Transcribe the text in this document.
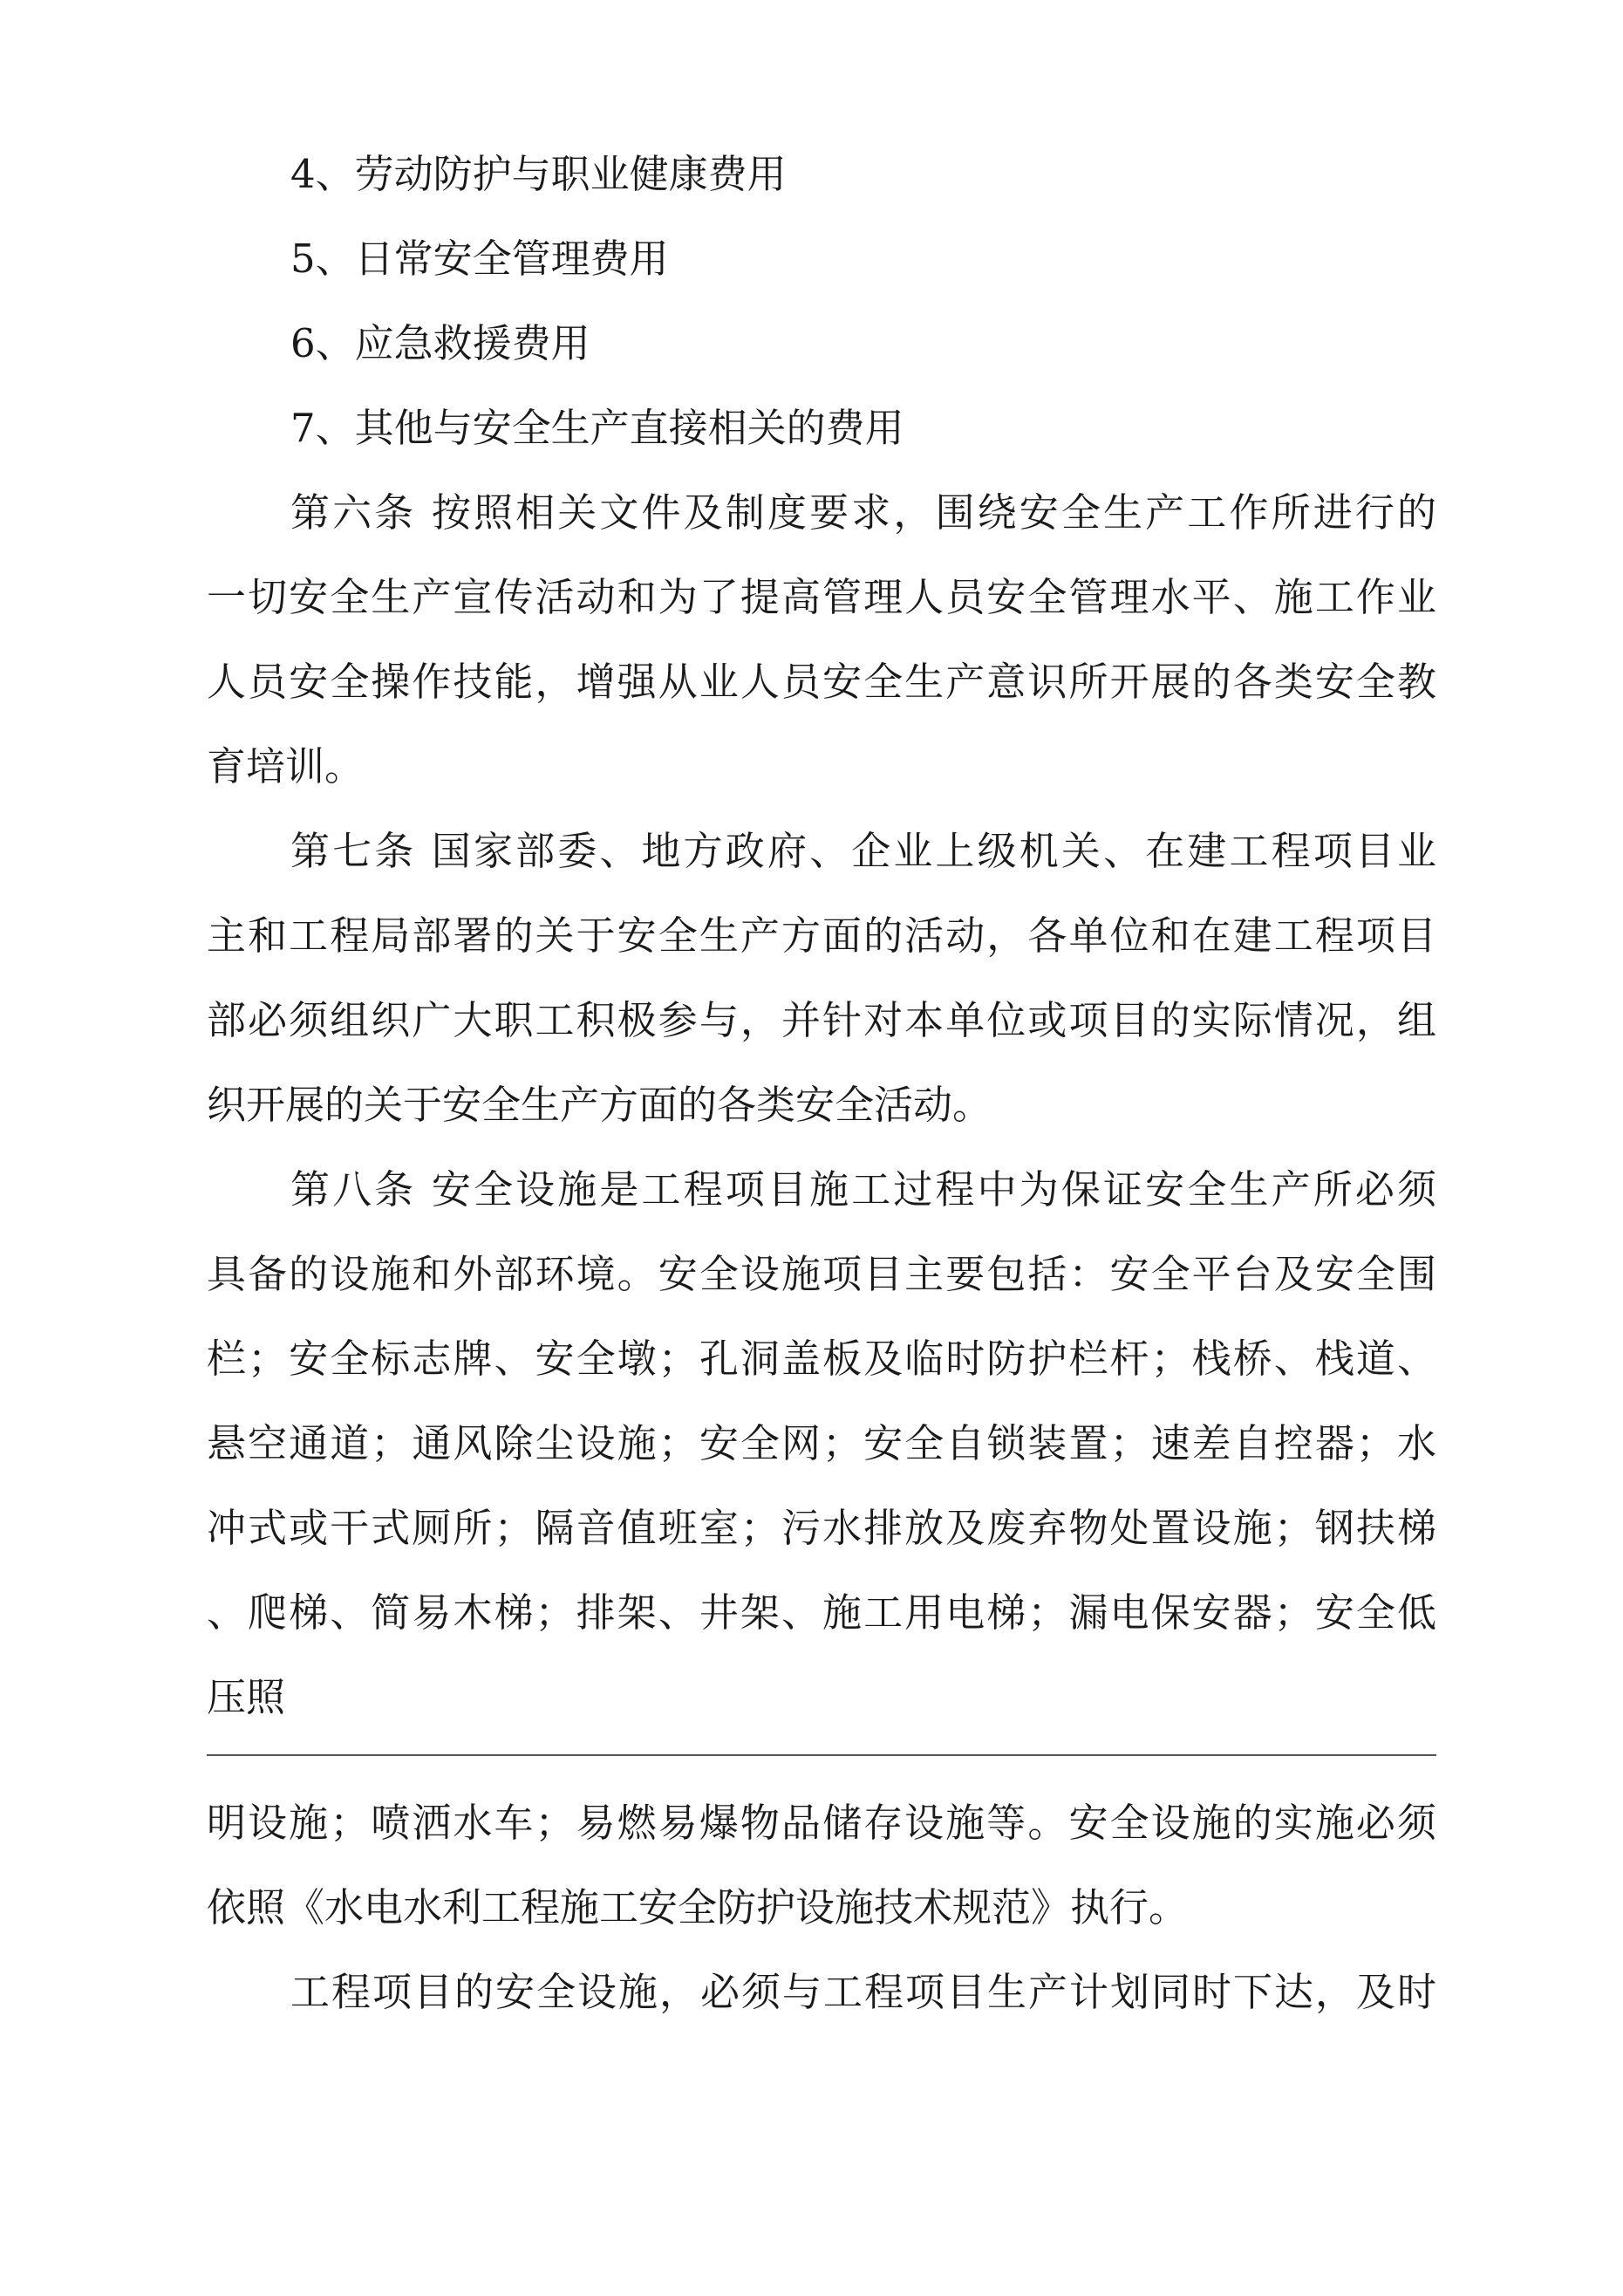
4、劳动防护与职业健康费用
5、日常安全管理费用
6、应急救援费用
7、其他与安全生产直接相关的费用
第六条 按照相关文件及制度要求，围绕安全生产工作所进行的
一切安全生产宣传活动和为了提高管理人员安全管理水平、施工作业
人员安全操作技能，增强从业人员安全生产意识所开展的各类安全教
育培训。
第七条 国家部委、地方政府、企业上级机关、在建工程项目业
主和工程局部署的关于安全生产方面的活动，各单位和在建工程项目
部必须组织广大职工积极参与，并针对本单位或项目的实际情况，组
织开展的关于安全生产方面的各类安全活动。
第八条 安全设施是工程项目施工过程中为保证安全生产所必须
具备的设施和外部环境。安全设施项目主要包括：安全平台及安全围
栏；安全标志牌、安全墩；孔洞盖板及临时防护栏杆；栈桥、栈道、
悬空通道；通风除尘设施；安全网；安全自锁装置；速差自控器；水
冲式或干式厕所；隔音值班室；污水排放及废弃物处置设施；钢扶梯
、爬梯、简易木梯；排架、井架、施工用电梯；漏电保安器；安全低
压照
明设施；喷洒水车；易燃易爆物品储存设施等。安全设施的实施必须
依照《水电水利工程施工安全防护设施技术规范》执行。
工程项目的安全设施，必须与工程项目生产计划同时下达，及时
